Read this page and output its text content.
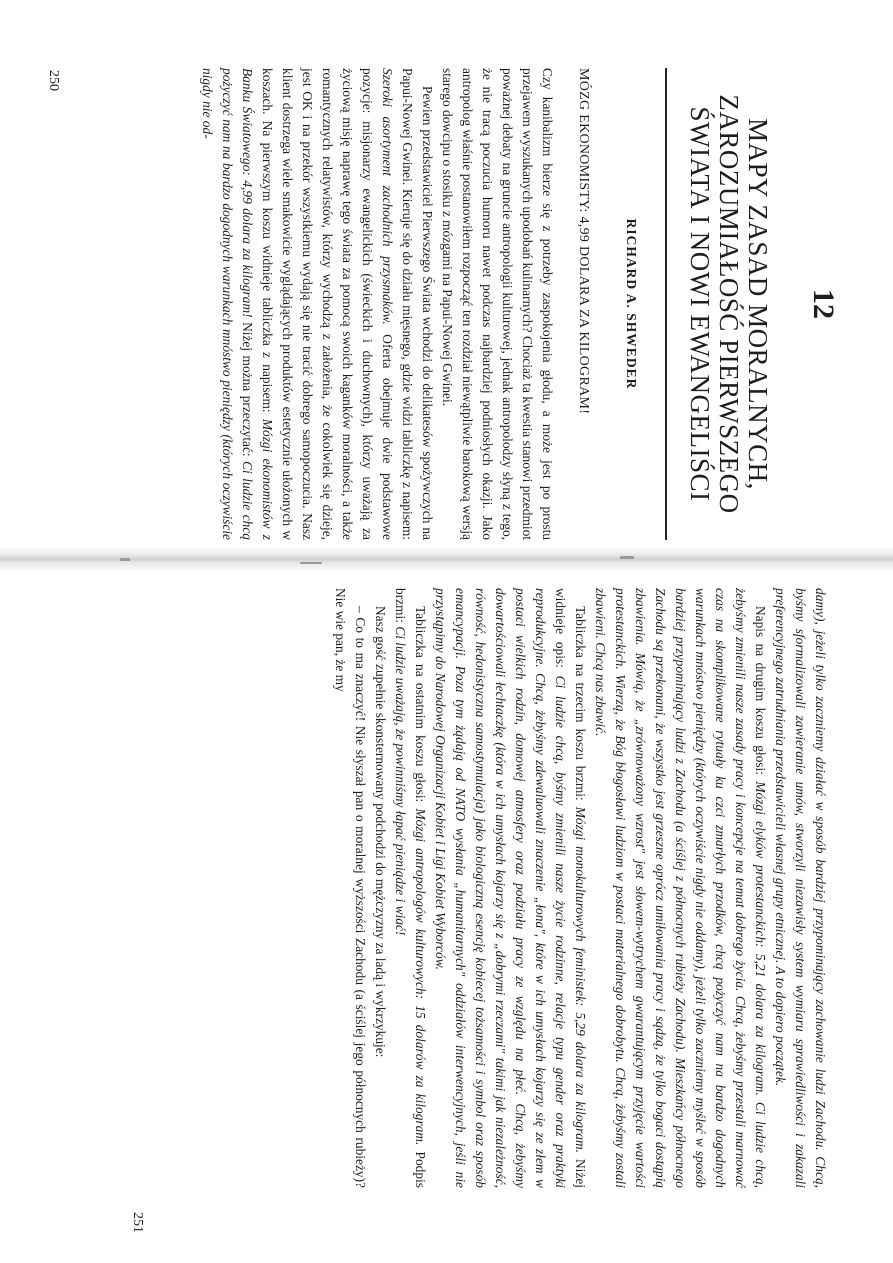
12
MAPY ZASAD MORALNYCH,
ZAROZUMIAŁOŚĆ PIERWSZEGO
ŚWIATA I NOWI EWANGELIŚCI
RICHARD A. SHWEDER
MÓZG EKONOMISTY: 4,99 DOLARA ZA KILOGRAM!

Czy kanibalizm bierze się z potrzeby zaspokojenia głodu, a może jest po prostu przejawem wyszukanych upodobań kulinarnych? Chociaż ta kwestia stanowi przedmiot poważnej debaty na gruncie antropologii kulturowej, jednak antropolodzy słyną z tego, że nie tracą poczucia humoru nawet podczas najbardziej podniosłych okazji. Jako antropolog właśnie postanowiłem rozpocząć ten rozdział niewątpliwie barokową wersją starego dowcipu o stosiku z mózgami na Papui-Nowej Gwinei.

Pewien przedstawiciel Pierwszego Świata wchodzi do delikatesów spożywczych na Papui-Nowej Gwinei. Kieruje się do działu mięsnego, gdzie widzi tabliczkę z napisem: Szeroki asortyment zachodnich przysmaków. Oferta obejmuje dwie podstawowe pozycje: misjonarzy ewangelickich (świeckich i duchownych), którzy uważają za życiową misję naprawę tego świata za pomocą swoich kaganków moralności, a także romantycznych relatywistów, którzy wychodzą z założenia, że cokolwiek się dzieje, jest OK i na przekór wszystkiemu wydają się nie tracić dobrego samopoczucia. Nasz klient dostrzega wiele smakowicie wyglądających produktów estetycznie ułożonych w koszach. Na pierwszym koszu widnieje tabliczka z napisem: Mózgi ekonomistów z Banku Światowego: 4,99 dolara za kilogram! Niżej można przeczytać: Ci ludzie chcą pożyczyć nam na bardzo dogodnych warunkach mnóstwo pieniędzy (których oczywiście nigdy nie od-

damy), jeżeli tylko zaczniemy działać w sposób bardziej przypominający zachowanie ludzi Zachodu. Chcą, byśmy sformalizowali zawieranie umów, stworzyli niezawisły system wymiaru sprawiedliwości i zakazali preferencyjnego zatrudniania przedstawicieli własnej grupy etnicznej. A to dopiero początek.

Napis na drugim koszu głosi: Mózgi elyków protestanckich: 5,21 dolara za kilogram. Ci ludzie chcą, żebyśmy zmienili nasze zasady pracy i koncepcje na temat dobrego życia. Chcą, żebyśmy przestali marnować czas na skomplikowane rytuały ku czci zmarłych przodków, chcą pożyczyć nam na bardzo dogodnych warunkach mnóstwo pieniędzy (których oczywiście nigdy nie oddamy), jeżeli tylko zaczniemy myśleć w sposób bardziej przypominający ludzi z Zachodu (a ściślej z północnych rubieży Zachodu). Mieszkańcy północnego Zachodu są przekonani, że wszystko jest grzeszne oprócz umiłowania pracy i sądzą, że tylko bogaci dostąpią zbawienia. Mówią, że „zrównoważony wzrost" jest słowem-wytrychem gwarantującym przyjęcie wartości protestanckich. Wierzą, że Bóg błogosławi ludziom w postaci materialnego dobrobytu. Chcą, żebyśmy zostali zbawieni. Chcą nas zbawić.

Tabliczka na trzecim koszu brzmi: Mózgi monokulturowych feministek: 5,29 dolara za kilogram. Niżej widnieje opis: Ci ludzie chcą, byśmy zmienili nasze życie rodzinne, relacje typu gender oraz praktyki reprodukcyjne. Chcą, żebyśmy zdewaluowali znaczenie „łona", które w ich umysłach kojarzy się ze złem w postaci wielkich rodzin, domowej atmosfery oraz podziału pracy ze względu na płeć. Chcą, żebyśmy dowartościowali łechtaczkę (która w ich umysłach kojarzy się z „dobrymi rzeczami" takimi jak niezależność, równość, hedonistyczna samostymulacja) jako biologiczną esencję kobiecej tożsamości i symbol oraz sposób emancypacji. Poza tym żądają od NATO wysłania „humanitarnych" oddziałów interwencyjnych, jeśli nie przystąpimy do Narodowej Organizacji Kobiet i Ligi Kobiet Wyborców.

Tabliczka na ostatnim koszu głosi: Mózgi antropologów kulturowych: 15 dolarów za kilogram. Podpis brzmi: Ci ludzie uważają, że powinniśmy łapać pieniądze i wiać!

Nasz gość zupełnie skonsternowany podchodzi do mężczyzny za ladą i wykrzykuje:

– Co to ma znaczyć! Nie słyszał pan o moralnej wyższości Zachodu (a ściślej jego północnych rubieży)? Nie wie pan, że my

250
251
